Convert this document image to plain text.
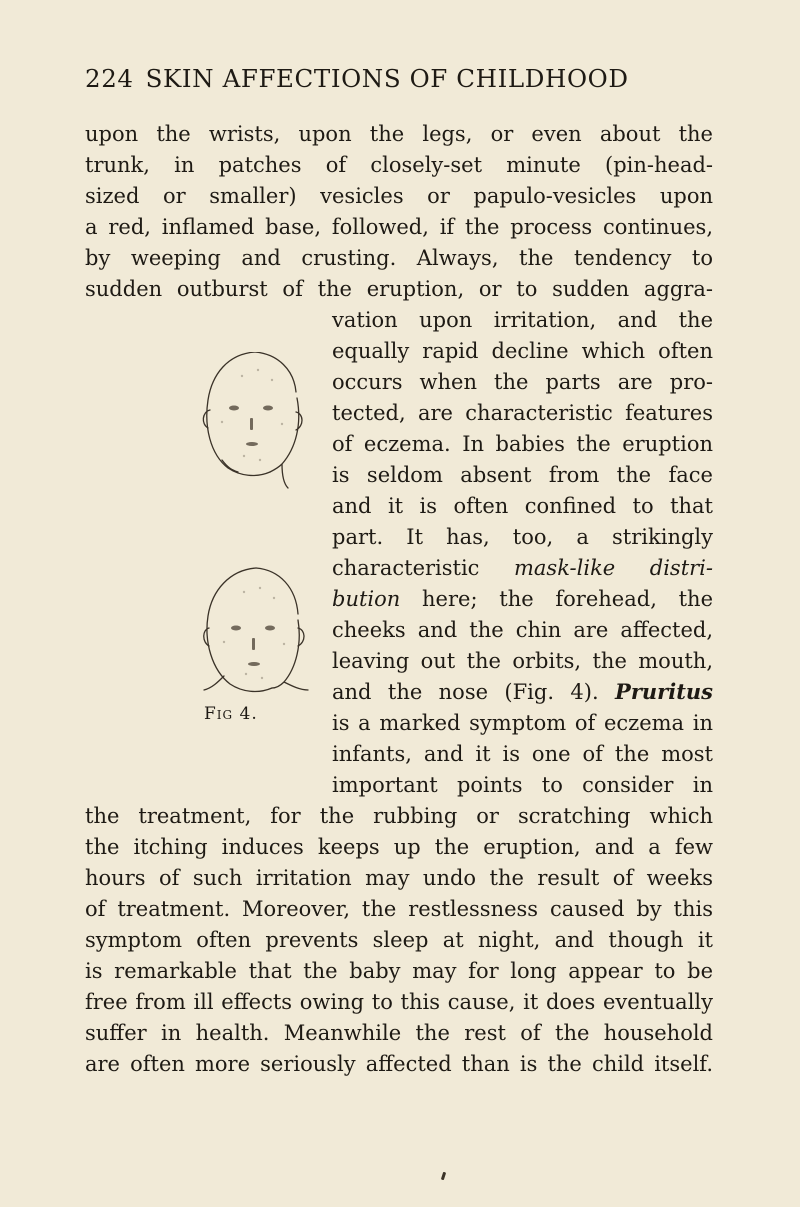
224 SKIN AFFECTIONS OF CHILDHOOD
upon the wrists, upon the legs, or even about the
trunk, in patches of closely-set minute (pin-head-
sized or smaller) vesicles or papulo-vesicles upon
a red, inflamed base, followed, if the process continues,
by weeping and crusting. Always, the tendency to
sudden outburst of the eruption, or to sudden aggra-
vation upon irritation, and the
equally rapid decline which often
occurs when the parts are pro-
tected, are characteristic features
of eczema. In babies the eruption
is seldom absent from the face
and it is often confined to that
part. It has, too, a strikingly
characteristic mask-like distri-
bution here; the forehead, the
cheeks and the chin are affected,
leaving out the orbits, the mouth,
and the nose (Fig. 4). Pruritus
is a marked symptom of eczema in
infants, and it is one of the most
important points to consider in
the treatment, for the rubbing or scratching which
the itching induces keeps up the eruption, and a few
hours of such irritation may undo the result of weeks
of treatment. Moreover, the restlessness caused by this
symptom often prevents sleep at night, and though it
is remarkable that the baby may for long appear to be
free from ill effects owing to this cause, it does eventually
suffer in health. Meanwhile the rest of the household
are often more seriously affected than is the child itself.
Fig 4.
